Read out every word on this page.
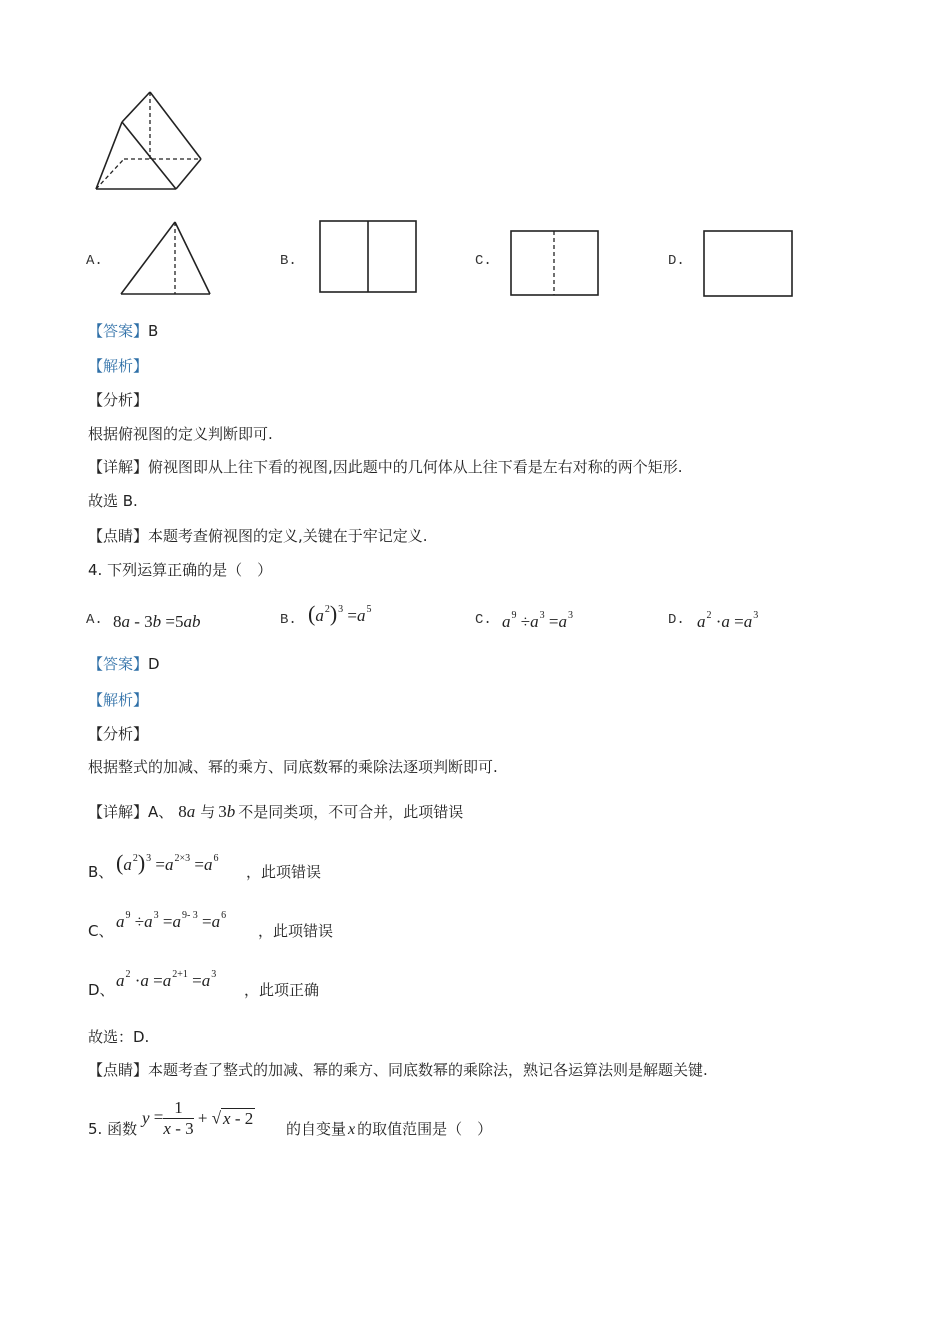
A.	B.	C.	D.
【答案】B
【解析】
【分析】
根据俯视图的定义判断即可.
【详解】俯视图即从上往下看的视图,因此题中的几何体从上往下看是左右对称的两个矩形.
故选 B.
【点睛】本题考查俯视图的定义,关键在于牢记定义.
4. 下列运算正确的是（　）
A. 8a - 3b =5ab	B. $(a^2)^3 =a^5$
C. $a^9 \div a^3 =a^3$	D. $a^2 \cdot a =a^3$
【答案】D
【解析】
【分析】
根据整式的加减、幂的乘方、同底数幂的乘除法逐项判断即可.
【详解】A、 8a 与 3b 不是同类项，不可合并，此项错误
B、 $(a^2)^3 =a^{2\times 3} =a^6$
，此项错误
C、 $a^9 \div a^3 =a^{9- 3} =a^6$
，此项错误
D、 $a^2 \cdot a =a^{2+1} =a^3$
，此项正确
故选：D.
【点睛】本题考查了整式的加减、幂的乘方、同底数幂的乘除法，熟记各运算法则是解题关键.
5. 函数
$y = \frac{1}{x - 3}$ + √ x - 2
的自变量 x 的取值范围是（　）
